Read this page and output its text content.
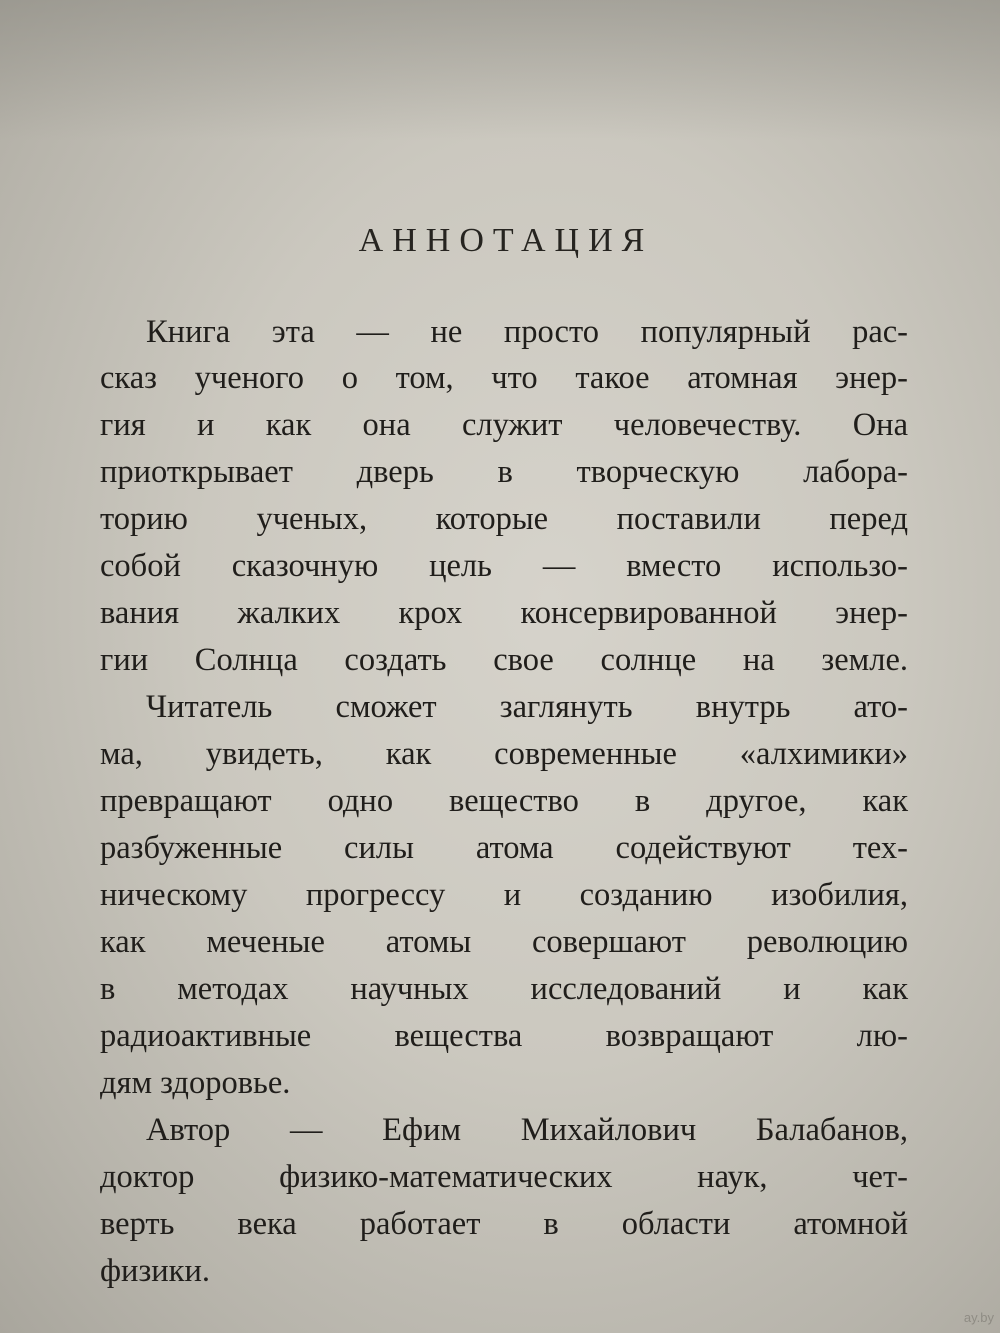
АННОТАЦИЯ
Книга эта — не просто популярный рас-
сказ ученого о том, что такое атомная энер-
гия и как она служит человечеству. Она
приоткрывает дверь в творческую лабора-
торию ученых, которые поставили перед
собой сказочную цель — вместо использо-
вания жалких крох консервированной энер-
гии Солнца создать свое солнце на земле.
Читатель сможет заглянуть внутрь ато-
ма, увидеть, как современные «алхимики»
превращают одно вещество в другое, как
разбуженные силы атома содействуют тех-
ническому прогрессу и созданию изобилия,
как меченые атомы совершают революцию
в методах научных исследований и как
радиоактивные вещества возвращают лю-
дям здоровье.
Автор — Ефим Михайлович Балабанов,
доктор физико-математических наук, чет-
верть века работает в области атомной
физики.
ay.by
